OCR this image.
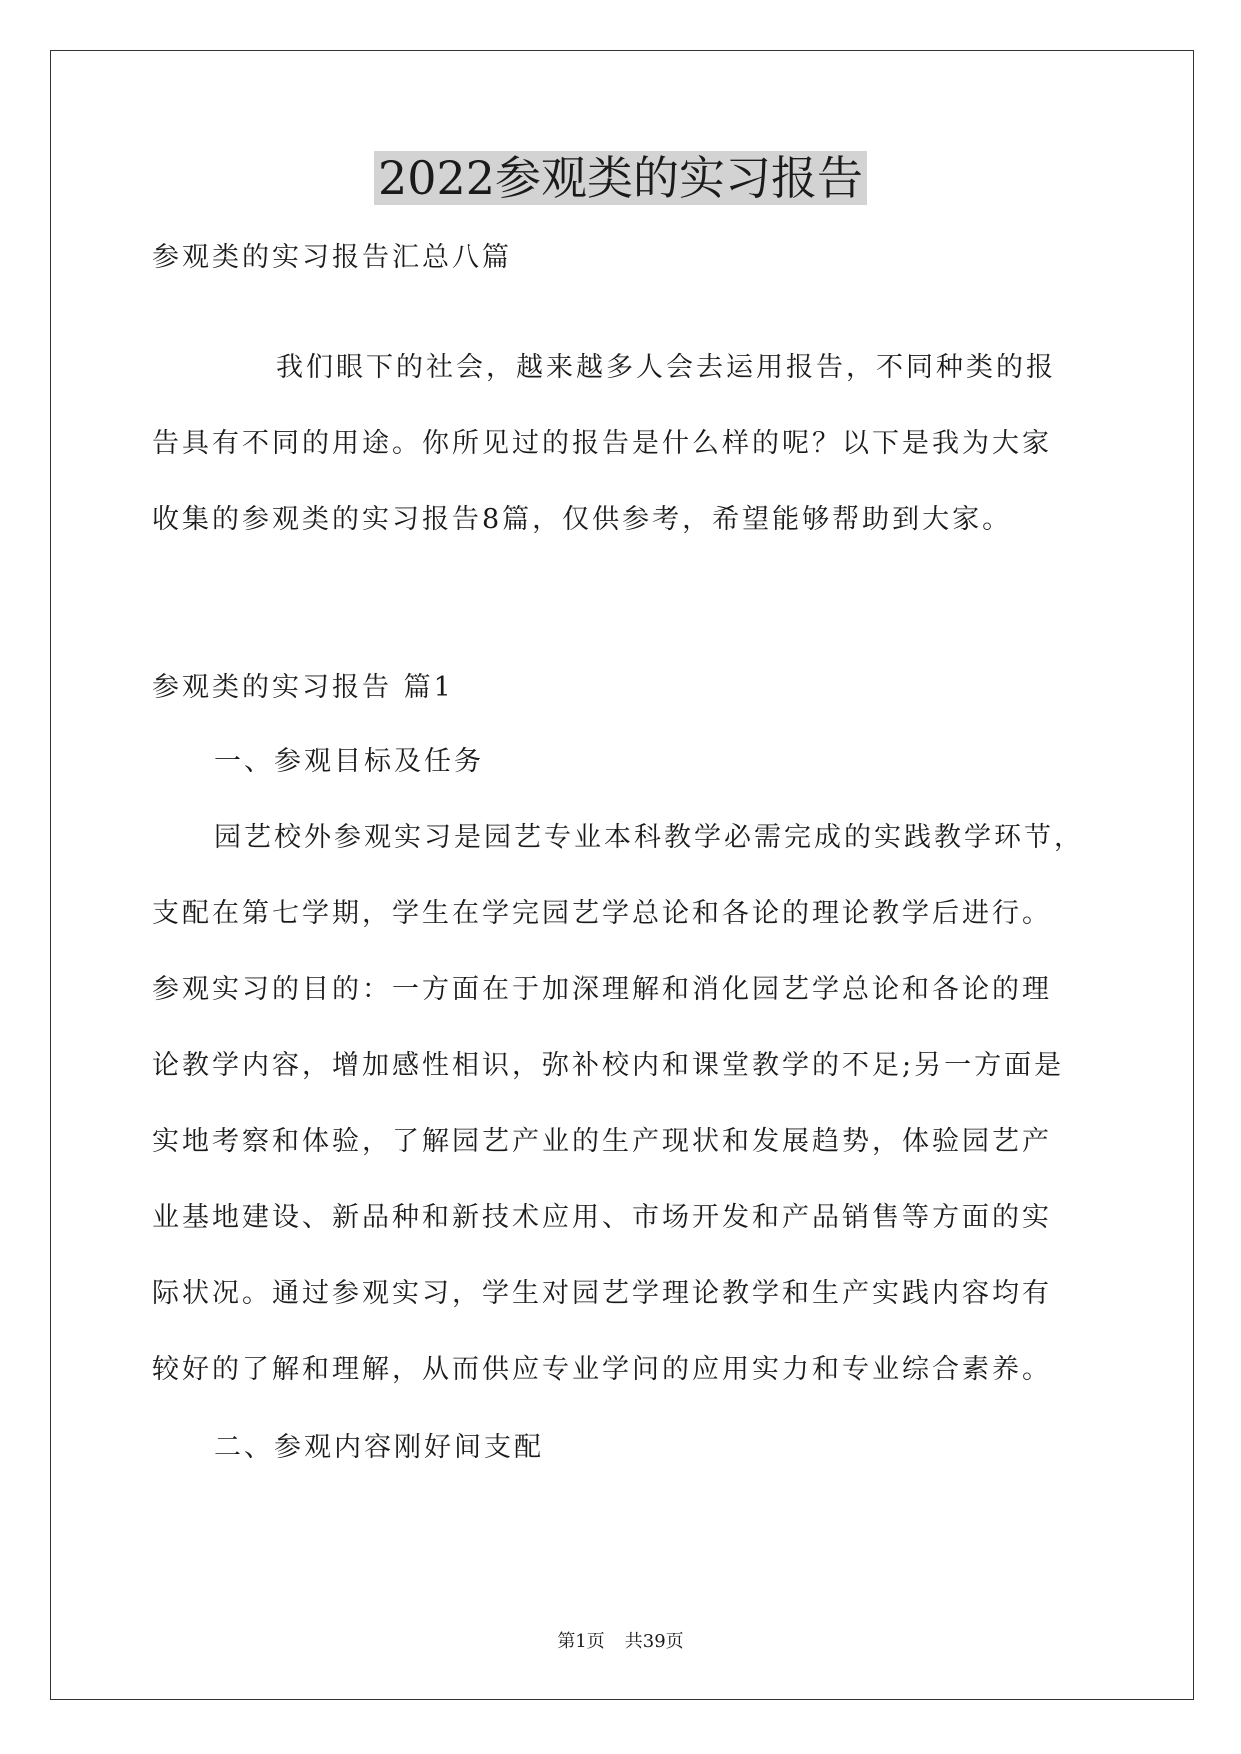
2022参观类的实习报告
参观类的实习报告汇总八篇
我们眼下的社会，越来越多人会去运用报告，不同种类的报
告具有不同的用途。你所见过的报告是什么样的呢？以下是我为大家
收集的参观类的实习报告8篇，仅供参考，希望能够帮助到大家。
参观类的实习报告 篇1
一、参观目标及任务
园艺校外参观实习是园艺专业本科教学必需完成的实践教学环节，
支配在第七学期，学生在学完园艺学总论和各论的理论教学后进行。
参观实习的目的：一方面在于加深理解和消化园艺学总论和各论的理
论教学内容，增加感性相识，弥补校内和课堂教学的不足;另一方面是
实地考察和体验，了解园艺产业的生产现状和发展趋势，体验园艺产
业基地建设、新品种和新技术应用、市场开发和产品销售等方面的实
际状况。通过参观实习，学生对园艺学理论教学和生产实践内容均有
较好的了解和理解，从而供应专业学问的应用实力和专业综合素养。
二、参观内容刚好间支配
第1页 共39页
